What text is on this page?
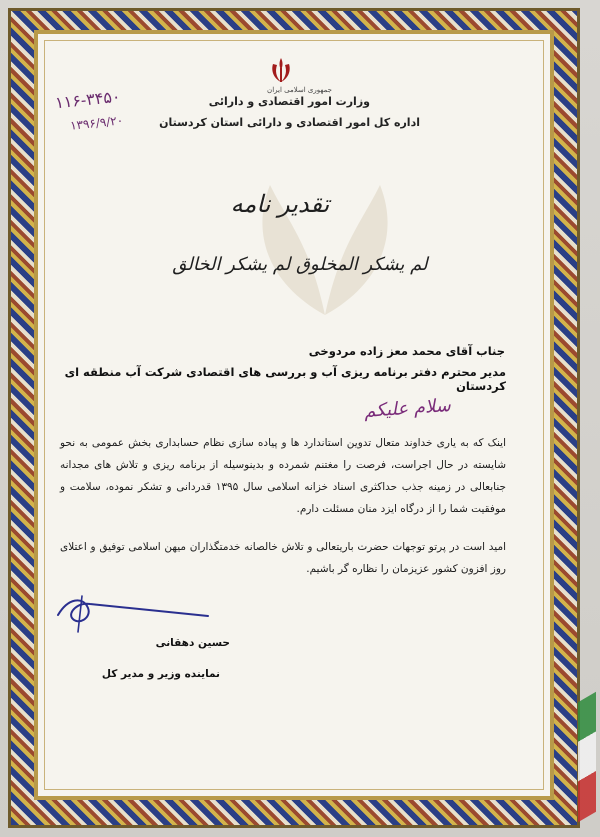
جمهوری اسلامی ایران
وزارت امور اقتصادی و دارائی
اداره کل امور اقتصادی و دارائی استان کردستان
۱۱۶-۳۴۵۰
۱۳۹۶/۹/۲۰
تقدیر نامه
لم یشکر المخلوق لم یشکر الخالق
جناب آقای محمد معز زاده مردوخی
مدیر محترم دفتر برنامه ریزی آب و بررسی های اقتصادی شرکت آب منطقه ای کردستان
سلام علیکم
اینک که به یاری خداوند متعال تدوین استاندارد ها و پیاده سازی نظام حسابداری بخش عمومی به نحو شایسته در حال اجراست، فرصت را مغتنم شمرده و بدینوسیله از برنامه ریزی و تلاش های مجدانه جنابعالی در زمینه جذب حداکثری اسناد خزانه اسلامی سال ۱۳۹۵ قدردانی و تشکر نموده، سلامت و موفقیت شما را از درگاه ایزد منان مسئلت دارم.
امید است در پرتو توجهات حضرت باریتعالی و تلاش خالصانه خدمتگذاران میهن اسلامی توفیق و اعتلای روز افزون کشور عزیزمان را نظاره گر باشیم.
حسین دهقانی
نماینده وزیر و مدیر کل
